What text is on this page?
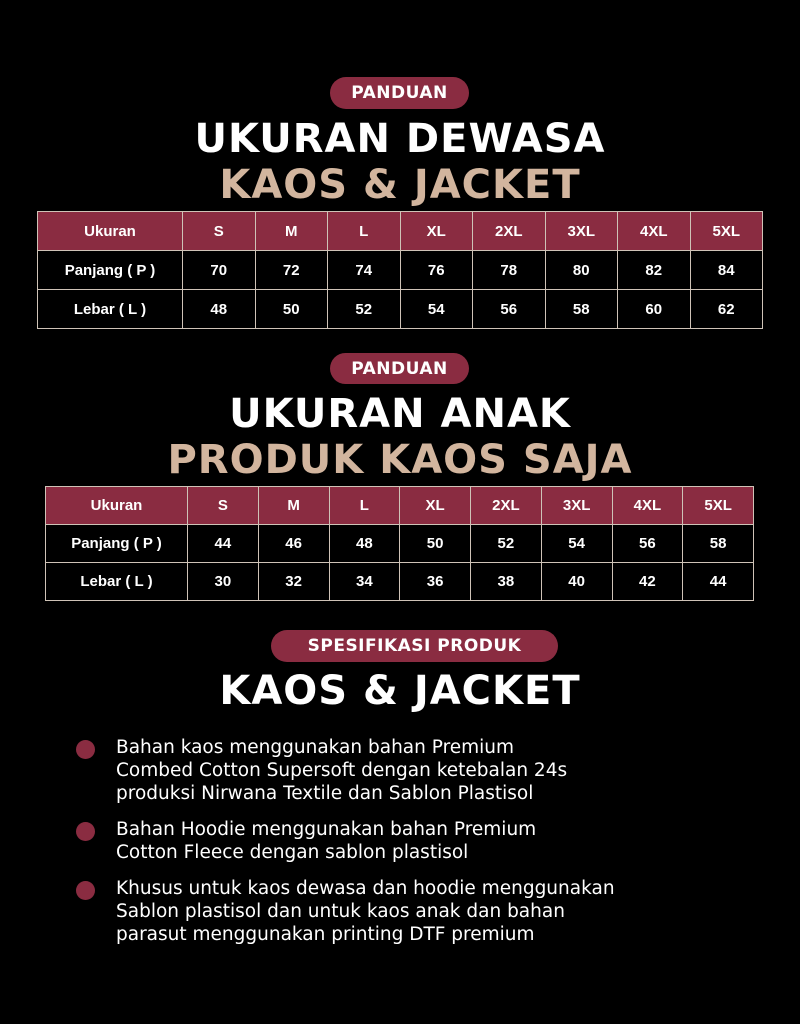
PANDUAN
UKURAN DEWASA
KAOS & JACKET
Ukuran	S	M	L	XL	2XL	3XL	4XL	5XL
Panjang ( P )	70	72	74	76	78	80	82	84
Lebar ( L )	48	50	52	54	56	58	60	62
PANDUAN
UKURAN ANAK
PRODUK KAOS SAJA
Ukuran	S	M	L	XL	2XL	3XL	4XL	5XL
Panjang ( P )	44	46	48	50	52	54	56	58
Lebar ( L )	30	32	34	36	38	40	42	44
SPESIFIKASI PRODUK
KAOS & JACKET
Bahan kaos menggunakan bahan Premium
Combed Cotton Supersoft dengan ketebalan 24s
produksi Nirwana Textile dan Sablon Plastisol
Bahan Hoodie menggunakan bahan Premium
Cotton Fleece dengan sablon plastisol
Khusus untuk kaos dewasa dan hoodie menggunakan
Sablon plastisol dan untuk kaos anak dan bahan
parasut menggunakan printing DTF premium
